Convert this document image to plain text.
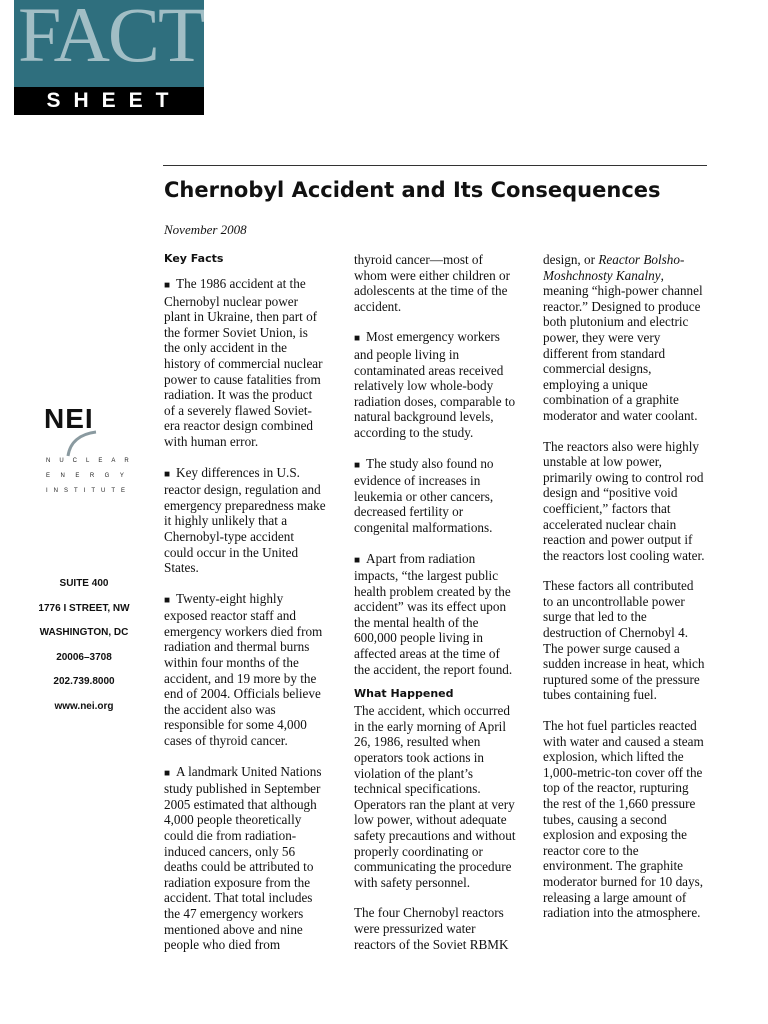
FACT
SHEET
Chernobyl Accident and Its Consequences
November 2008
NEI
NUCLEAR
ENERGY
INSTITUTE
SUITE 400
1776 I STREET, NW
WASHINGTON, DC
20006–3708
202.739.8000
www.nei.org
Key Facts

■ The 1986 accident at the Chernobyl nuclear power plant in Ukraine, then part of the former Soviet Union, is the only accident in the history of commercial nuclear power to cause fatalities from radiation. It was the product of a severely flawed Soviet-era reactor design combined with human error.

■ Key differences in U.S. reactor design, regulation and emergency preparedness make it highly unlikely that a Chernobyl-type accident could occur in the United States.

■ Twenty-eight highly exposed reactor staff and emergency workers died from radiation and thermal burns within four months of the accident, and 19 more by the end of 2004. Officials believe the accident also was responsible for some 4,000 cases of thyroid cancer.

■ A landmark United Nations study published in September 2005 estimated that although 4,000 people theoretically could die from radiation-induced cancers, only 56 deaths could be attributed to radiation exposure from the accident. That total includes the 47 emergency workers mentioned above and nine people who died from

thyroid cancer—most of whom were either children or adolescents at the time of the accident.

■ Most emergency workers and people living in contaminated areas received relatively low whole-body radiation doses, comparable to natural background levels, according to the study.

■ The study also found no evidence of increases in leukemia or other cancers, decreased fertility or congenital malformations.

■ Apart from radiation impacts, “the largest public health problem created by the accident” was its effect upon the mental health of the 600,000 people living in affected areas at the time of the accident, the report found.

What Happened

The accident, which occurred in the early morning of April 26, 1986, resulted when operators took actions in violation of the plant’s technical specifications. Operators ran the plant at very low power, without adequate safety precautions and without properly coordinating or communicating the procedure with safety personnel.

The four Chernobyl reactors were pressurized water reactors of the Soviet RBMK

design, or Reactor Bolsho-Moshchnosty Kanalny, meaning “high-power channel reactor.” Designed to produce both plutonium and electric power, they were very different from standard commercial designs, employing a unique combination of a graphite moderator and water coolant.

The reactors also were highly unstable at low power, primarily owing to control rod design and “positive void coefficient,” factors that accelerated nuclear chain reaction and power output if the reactors lost cooling water.

These factors all contributed to an uncontrollable power surge that led to the destruction of Chernobyl 4. The power surge caused a sudden increase in heat, which ruptured some of the pressure tubes containing fuel.

The hot fuel particles reacted with water and caused a steam explosion, which lifted the 1,000-metric-ton cover off the top of the reactor, rupturing the rest of the 1,660 pressure tubes, causing a second explosion and exposing the reactor core to the environment. The graphite moderator burned for 10 days, releasing a large amount of radiation into the atmosphere.
